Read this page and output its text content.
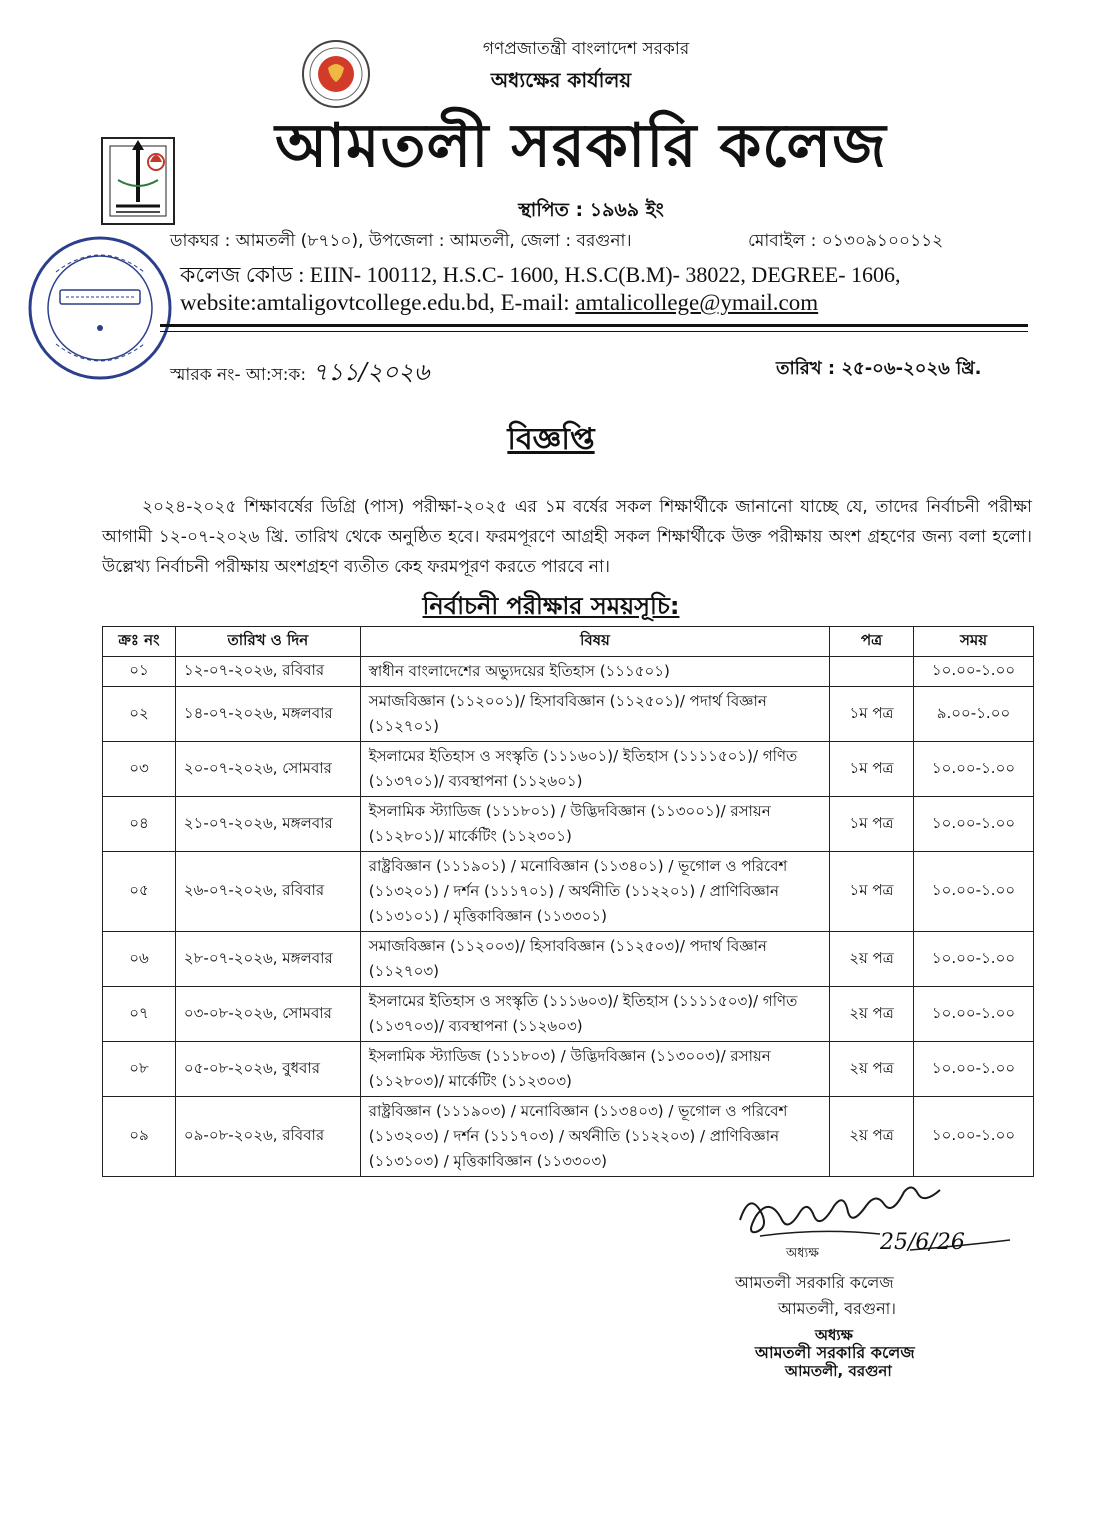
গণপ্রজাতন্ত্রী বাংলাদেশ সরকার
অধ্যক্ষের কার্যালয়
আমতলী সরকারি কলেজ
স্থাপিত : ১৯৬৯ ইং
ডাকঘর : আমতলী (৮৭১০), উপজেলা : আমতলী, জেলা : বরগুনা।	মোবাইল : ০১৩০৯১০০১১২
কলেজ কোড : EIIN- 100112, H.S.C- 1600, H.S.C(B.M)- 38022, DEGREE- 1606,
website:amtaligovtcollege.edu.bd, E-mail: amtalicollege@ymail.com
স্মারক নং- আ:স:ক: ৭১১/২০২৬	তারিখ : ২৫-০৬-২০২৬ খ্রি.
বিজ্ঞপ্তি
২০২৪-২০২৫ শিক্ষাবর্ষের ডিগ্রি (পাস) পরীক্ষা-২০২৫ এর ১ম বর্ষের সকল শিক্ষার্থীকে জানানো যাচ্ছে যে, তাদের নির্বাচনী পরীক্ষা আগামী ১২-০৭-২০২৬ খ্রি. তারিখ থেকে অনুষ্ঠিত হবে। ফরমপূরণে আগ্রহী সকল শিক্ষার্থীকে উক্ত পরীক্ষায় অংশ গ্রহণের জন্য বলা হলো। উল্লেখ্য নির্বাচনী পরীক্ষায় অংশগ্রহণ ব্যতীত কেহ ফরমপূরণ করতে পারবে না।
নির্বাচনী পরীক্ষার সময়সূচি:
ক্রঃ নং	তারিখ ও দিন	বিষয়	পত্র	সময়
০১	১২-০৭-২০২৬, রবিবার	স্বাধীন বাংলাদেশের অভ্যুদয়ের ইতিহাস (১১১৫০১)		১০.০০-১.০০
০২	১৪-০৭-২০২৬, মঙ্গলবার	সমাজবিজ্ঞান (১১২০০১)/ হিসাববিজ্ঞান (১১২৫০১)/ পদার্থ বিজ্ঞান (১১২৭০১)	১ম পত্র	৯.০০-১.০০
০৩	২০-০৭-২০২৬, সোমবার	ইসলামের ইতিহাস ও সংস্কৃতি (১১১৬০১)/ ইতিহাস (১১১১৫০১)/ গণিত (১১৩৭০১)/ ব্যবস্থাপনা (১১২৬০১)	১ম পত্র	১০.০০-১.০০
০৪	২১-০৭-২০২৬, মঙ্গলবার	ইসলামিক স্ট্যাডিজ (১১১৮০১) / উদ্ভিদবিজ্ঞান (১১৩০০১)/ রসায়ন (১১২৮০১)/ মার্কেটিং (১১২৩০১)	১ম পত্র	১০.০০-১.০০
০৫	২৬-০৭-২০২৬, রবিবার	রাষ্ট্রবিজ্ঞান (১১১৯০১) / মনোবিজ্ঞান (১১৩৪০১) / ভূগোল ও পরিবেশ (১১৩২০১) / দর্শন (১১১৭০১) / অর্থনীতি (১১২২০১) / প্রাণিবিজ্ঞান (১১৩১০১) / মৃত্তিকাবিজ্ঞান (১১৩৩০১)	১ম পত্র	১০.০০-১.০০
০৬	২৮-০৭-২০২৬, মঙ্গলবার	সমাজবিজ্ঞান (১১২০০৩)/ হিসাববিজ্ঞান (১১২৫০৩)/ পদার্থ বিজ্ঞান (১১২৭০৩)	২য় পত্র	১০.০০-১.০০
০৭	০৩-০৮-২০২৬, সোমবার	ইসলামের ইতিহাস ও সংস্কৃতি (১১১৬০৩)/ ইতিহাস (১১১১৫০৩)/ গণিত (১১৩৭০৩)/ ব্যবস্থাপনা (১১২৬০৩)	২য় পত্র	১০.০০-১.০০
০৮	০৫-০৮-২০২৬, বুধবার	ইসলামিক স্ট্যাডিজ (১১১৮০৩) / উদ্ভিদবিজ্ঞান (১১৩০০৩)/ রসায়ন (১১২৮০৩)/ মার্কেটিং (১১২৩০৩)	২য় পত্র	১০.০০-১.০০
০৯	০৯-০৮-২০২৬, রবিবার	রাষ্ট্রবিজ্ঞান (১১১৯০৩) / মনোবিজ্ঞান (১১৩৪০৩) / ভূগোল ও পরিবেশ (১১৩২০৩) / দর্শন (১১১৭০৩) / অর্থনীতি (১১২২০৩) / প্রাণিবিজ্ঞান (১১৩১০৩) / মৃত্তিকাবিজ্ঞান (১১৩৩০৩)	২য় পত্র	১০.০০-১.০০
অধ্যক্ষ	25/6/26
আমতলী সরকারি কলেজ
আমতলী, বরগুনা।
অধ্যক্ষ
আমতলী সরকারি কলেজ
আমতলী, বরগুনা
